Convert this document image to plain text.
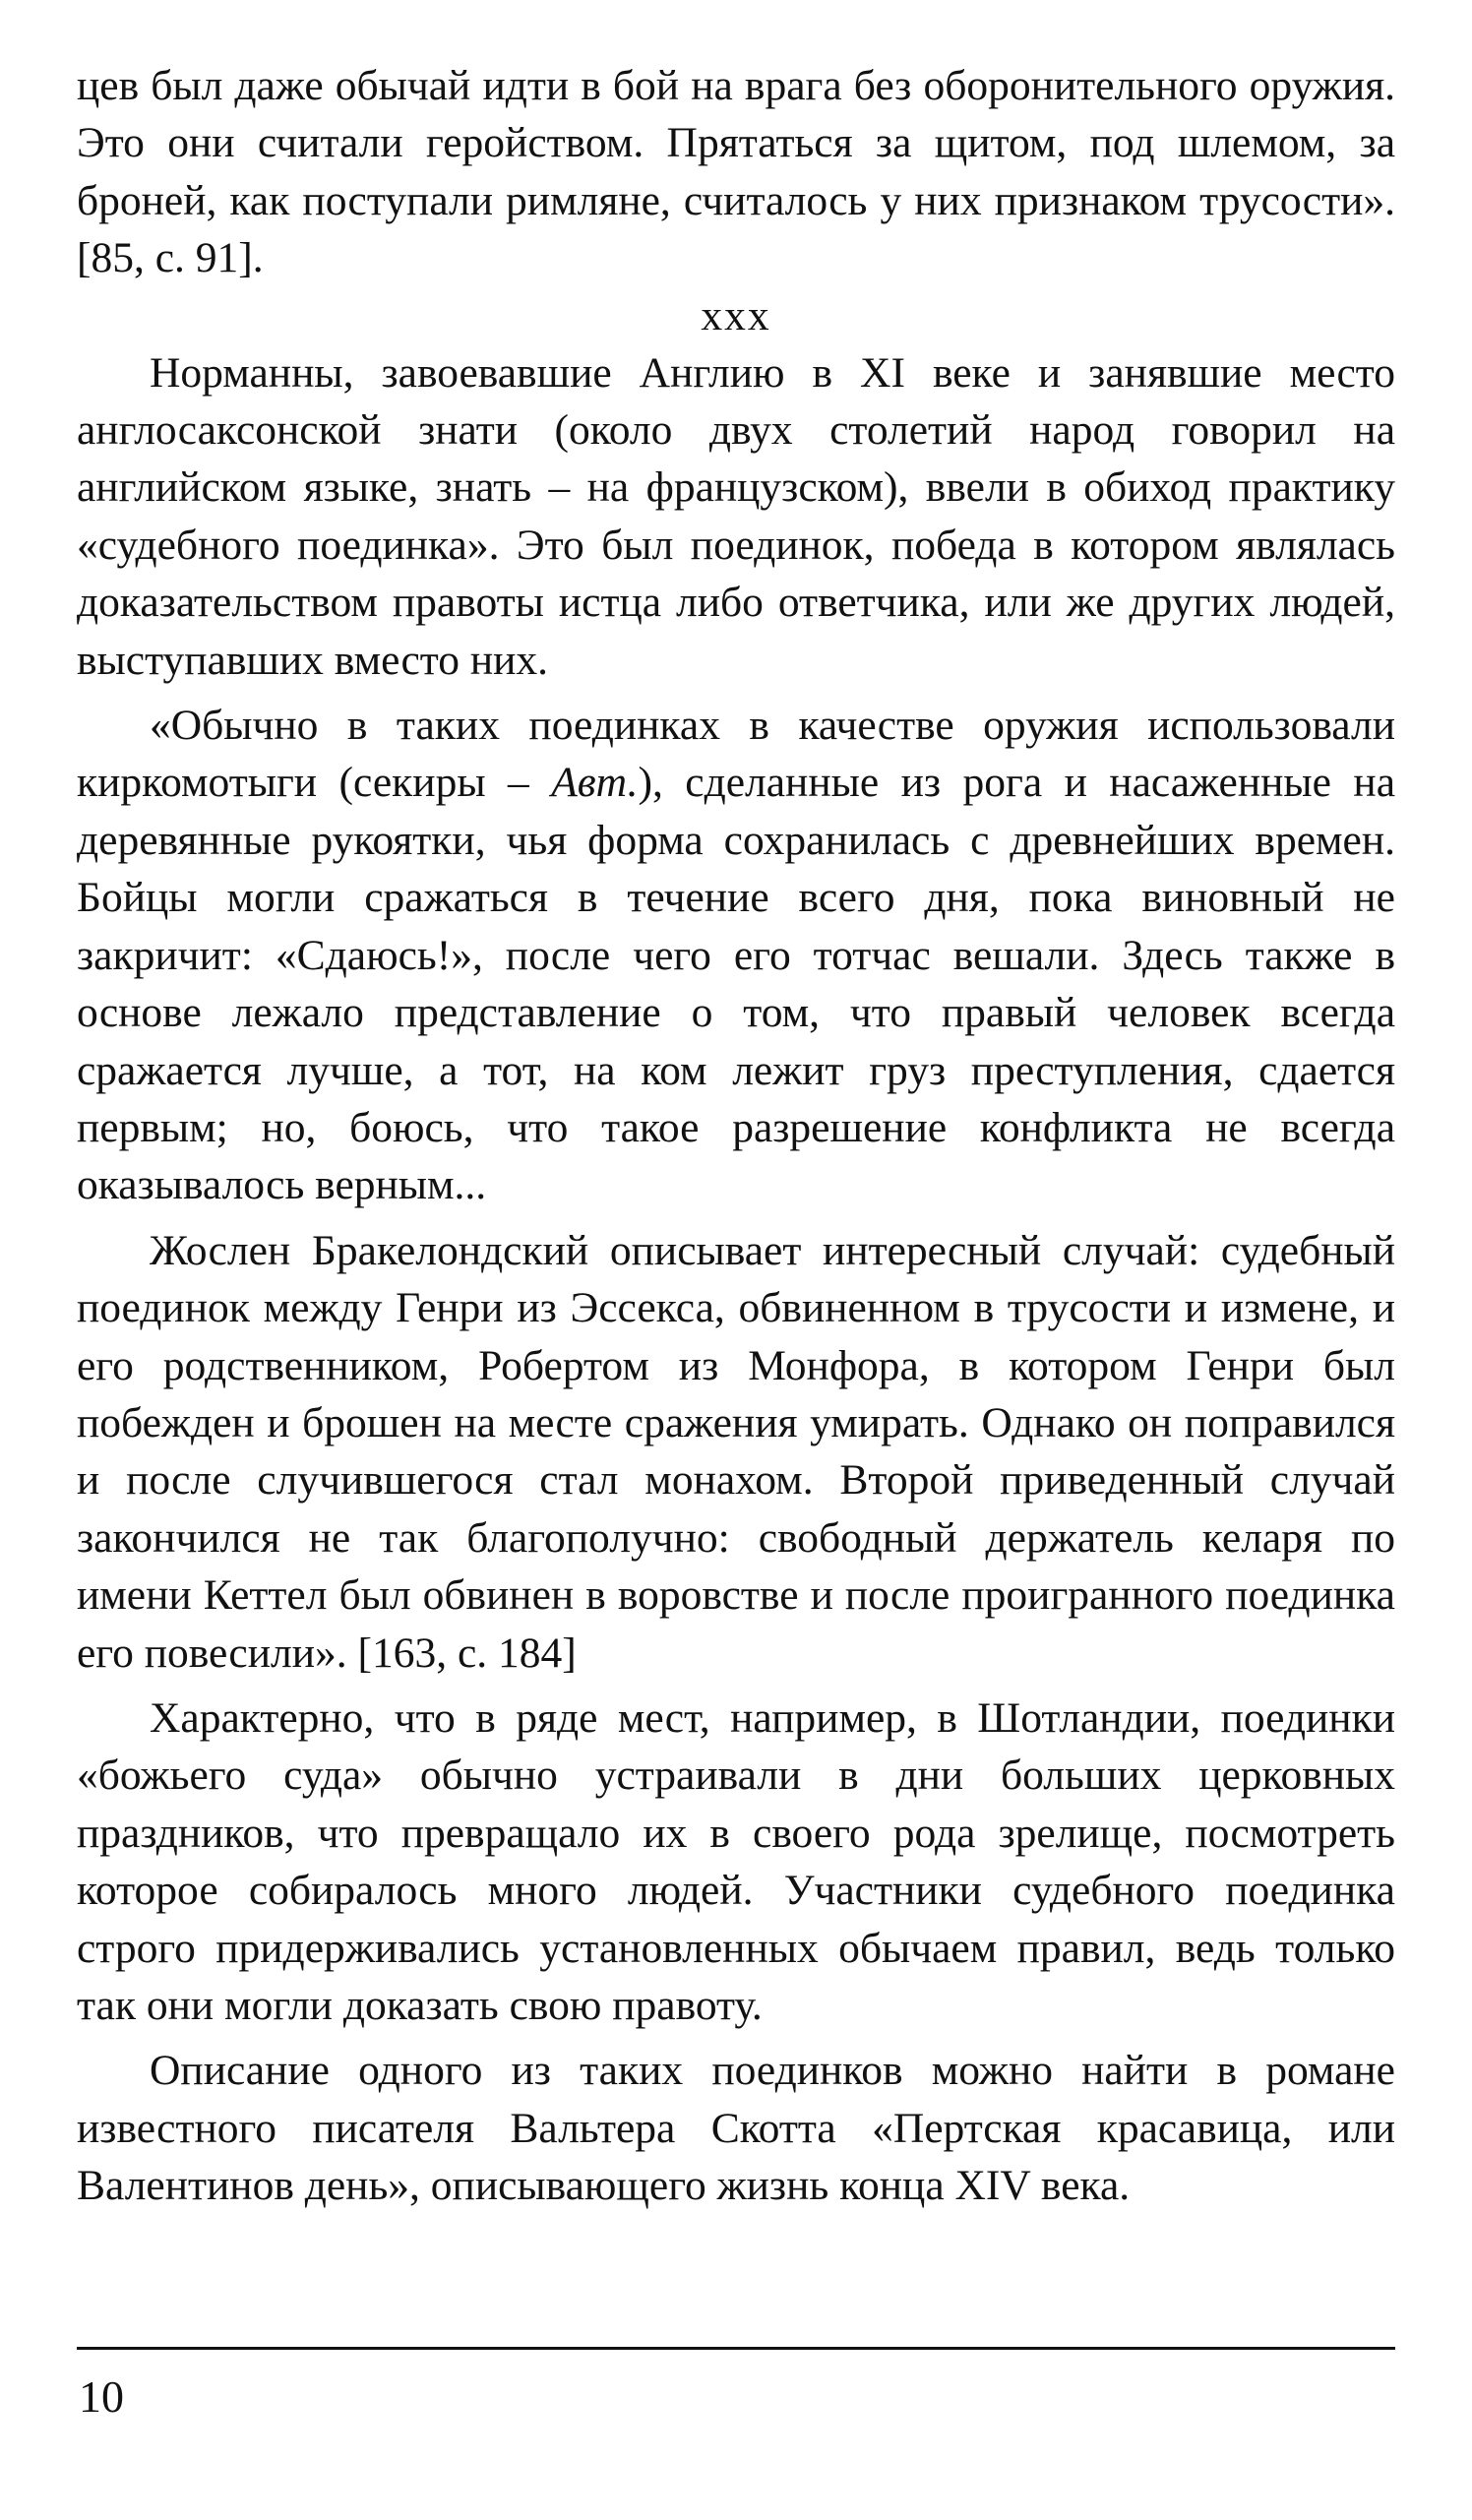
цев был даже обычай идти в бой на врага без оборонительного оружия. Это они считали геройством. Прятаться за щитом, под шлемом, за броней, как поступали римляне, считалось у них признаком трусости». [85, с. 91].

xxx

Норманны, завоевавшие Англию в XI веке и занявшие место англосаксонской знати (около двух столетий народ говорил на английском языке, знать – на французском), ввели в обиход практику «судебного поединка». Это был поединок, победа в котором являлась доказательством правоты истца либо ответчика, или же других людей, выступавших вместо них.

«Обычно в таких поединках в качестве оружия использовали киркомотыги (секиры – Авт.), сделанные из рога и насаженные на деревянные рукоятки, чья форма сохранилась с древнейших времен. Бойцы могли сражаться в течение всего дня, пока виновный не закричит: «Сдаюсь!», после чего его тотчас вешали. Здесь также в основе лежало представление о том, что правый человек всегда сражается лучше, а тот, на ком лежит груз преступления, сдается первым; но, боюсь, что такое разрешение конфликта не всегда оказывалось верным...

Жослен Бракелондский описывает интересный случай: судебный поединок между Генри из Эссекса, обвиненном в трусости и измене, и его родственником, Робертом из Монфора, в котором Генри был побежден и брошен на месте сражения умирать. Однако он поправился и после случившегося стал монахом. Второй приведенный случай закончился не так благополучно: свободный держатель келаря по имени Кеттел был обвинен в воровстве и после проигранного поединка его повесили». [163, с. 184]

Характерно, что в ряде мест, например, в Шотландии, поединки «божьего суда» обычно устраивали в дни больших церковных праздников, что превращало их в своего рода зрелище, посмотреть которое собиралось много людей. Участники судебного поединка строго придерживались установленных обычаем правил, ведь только так они могли доказать свою правоту.

Описание одного из таких поединков можно найти в романе известного писателя Вальтера Скотта «Пертская красавица, или Валентинов день», описывающего жизнь конца XIV века.

10
